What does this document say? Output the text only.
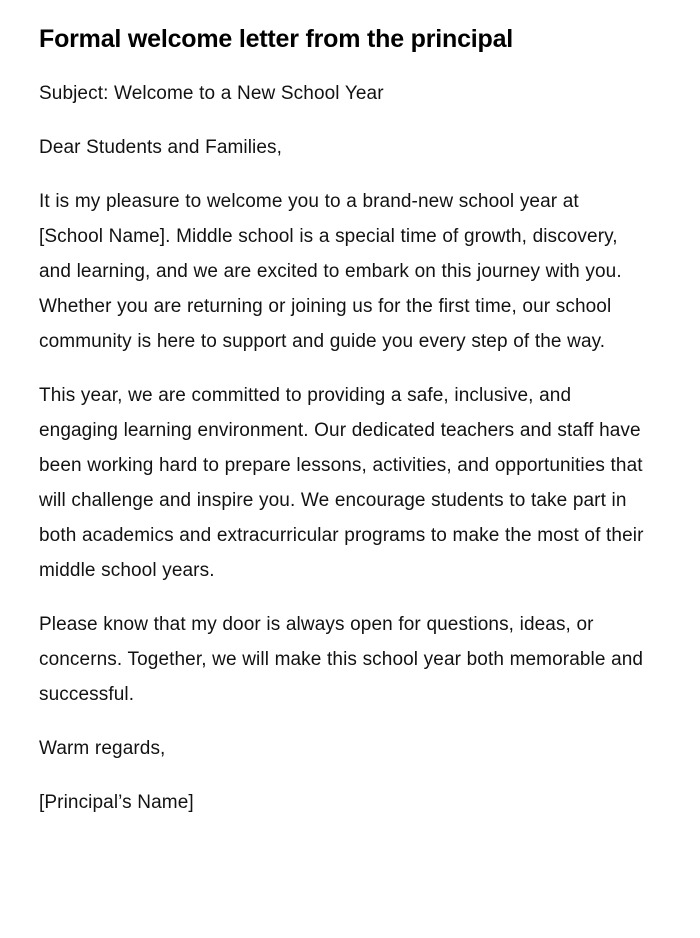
Formal welcome letter from the principal

Subject: Welcome to a New School Year

Dear Students and Families,

It is my pleasure to welcome you to a brand-new school year at [School Name]. Middle school is a special time of growth, discovery, and learning, and we are excited to embark on this journey with you. Whether you are returning or joining us for the first time, our school community is here to support and guide you every step of the way.

This year, we are committed to providing a safe, inclusive, and engaging learning environment. Our dedicated teachers and staff have been working hard to prepare lessons, activities, and opportunities that will challenge and inspire you. We encourage students to take part in both academics and extracurricular programs to make the most of their middle school years.

Please know that my door is always open for questions, ideas, or concerns. Together, we will make this school year both memorable and successful.

Warm regards,

[Principal’s Name]
